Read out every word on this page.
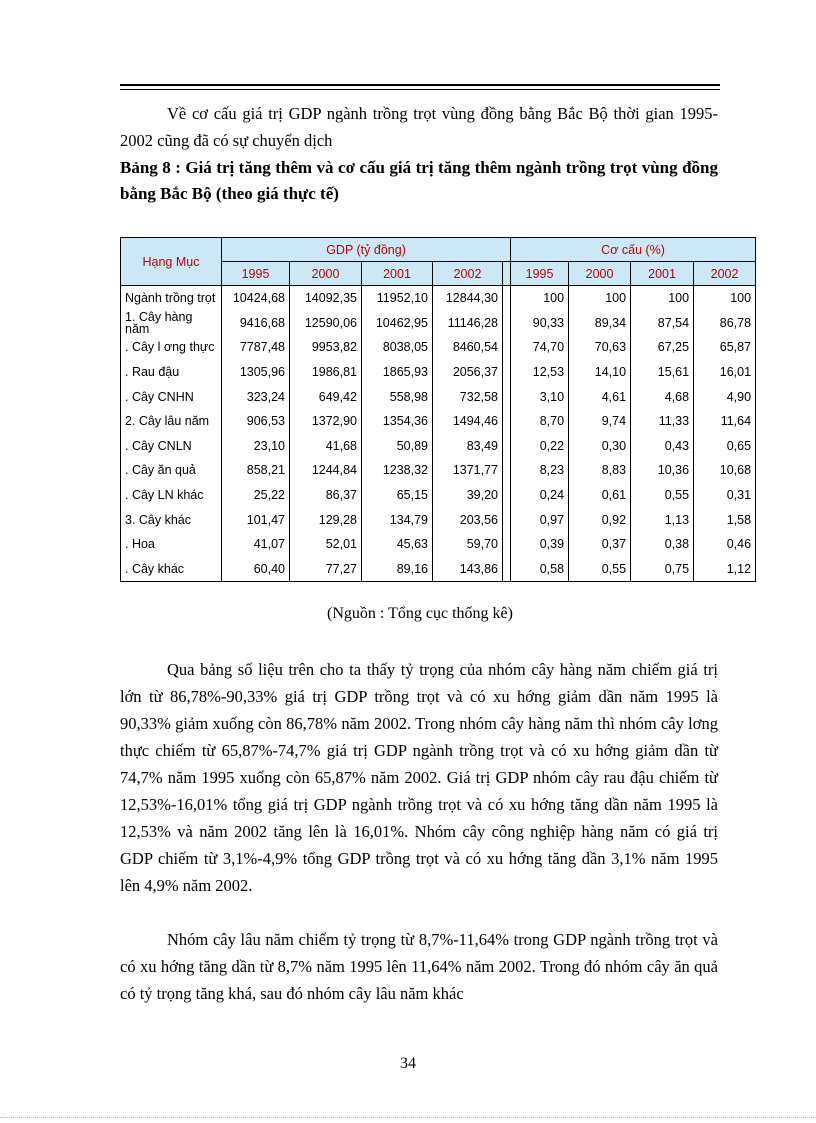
Về cơ cấu giá trị GDP ngành trồng trọt vùng đồng bằng Bắc Bộ thời gian 1995-2002 cũng đã có sự chuyển dịch

Bảng 8 : Giá trị tăng thêm và cơ cấu giá trị tăng thêm ngành trồng trọt vùng đồng bằng Bắc Bộ (theo giá thực tế)

Hạng Mục	GDP (tỷ đồng)					Cơ cấu (%)			
	1995	2000	2001	2002		1995	2000	2001	2002
Ngành trồng trọt	10424,68	14092,35	11952,10	12844,30		100	100	100	100
1. Cây hàng năm	9416,68	12590,06	10462,95	11146,28		90,33	89,34	87,54	86,78
. Cây l ơng thực	7787,48	9953,82	8038,05	8460,54		74,70	70,63	67,25	65,87
. Rau đậu	1305,96	1986,81	1865,93	2056,37		12,53	14,10	15,61	16,01
. Cây CNHN	323,24	649,42	558,98	732,58		3,10	4,61	4,68	4,90
2. Cây lâu năm	906,53	1372,90	1354,36	1494,46		8,70	9,74	11,33	11,64
. Cây CNLN	23,10	41,68	50,89	83,49		0,22	0,30	0,43	0,65
. Cây ăn quả	858,21	1244,84	1238,32	1371,77		8,23	8,83	10,36	10,68
. Cây LN khác	25,22	86,37	65,15	39,20		0,24	0,61	0,55	0,31
3. Cây khác	101,47	129,28	134,79	203,56		0,97	0,92	1,13	1,58
. Hoa	41,07	52,01	45,63	59,70		0,39	0,37	0,38	0,46
. Cây khác	60,40	77,27	89,16	143,86		0,58	0,55	0,75	1,12
(Nguồn : Tổng cục thống kê)

Qua bảng số liệu trên cho ta thấy tỷ trọng của nhóm cây hàng năm chiếm giá trị lớn từ 86,78%-90,33% giá trị GDP trồng trọt và có xu hớng giảm dần năm 1995 là 90,33% giảm xuống còn 86,78% năm 2002. Trong nhóm cây hàng năm thì nhóm cây lơng thực chiếm từ 65,87%-74,7% giá trị GDP ngành trồng trọt và có xu hớng giảm dần từ 74,7% năm 1995 xuống còn 65,87% năm 2002. Giá trị GDP nhóm cây rau đậu chiếm từ 12,53%-16,01% tổng giá trị GDP ngành trồng trọt và có xu hớng tăng dần năm 1995 là 12,53% và năm 2002 tăng lên là 16,01%. Nhóm cây công nghiệp hàng năm có giá trị GDP chiếm từ 3,1%-4,9% tổng GDP trồng trọt và có xu hớng tăng dần 3,1% năm 1995 lên 4,9% năm 2002.

Nhóm cây lâu năm chiếm tỷ trọng từ 8,7%-11,64% trong GDP ngành trồng trọt và có xu hớng tăng dần từ 8,7% năm 1995 lên 11,64% năm 2002. Trong đó nhóm cây ăn quả có tỷ trọng tăng khá, sau đó nhóm cây lâu năm khác

34
